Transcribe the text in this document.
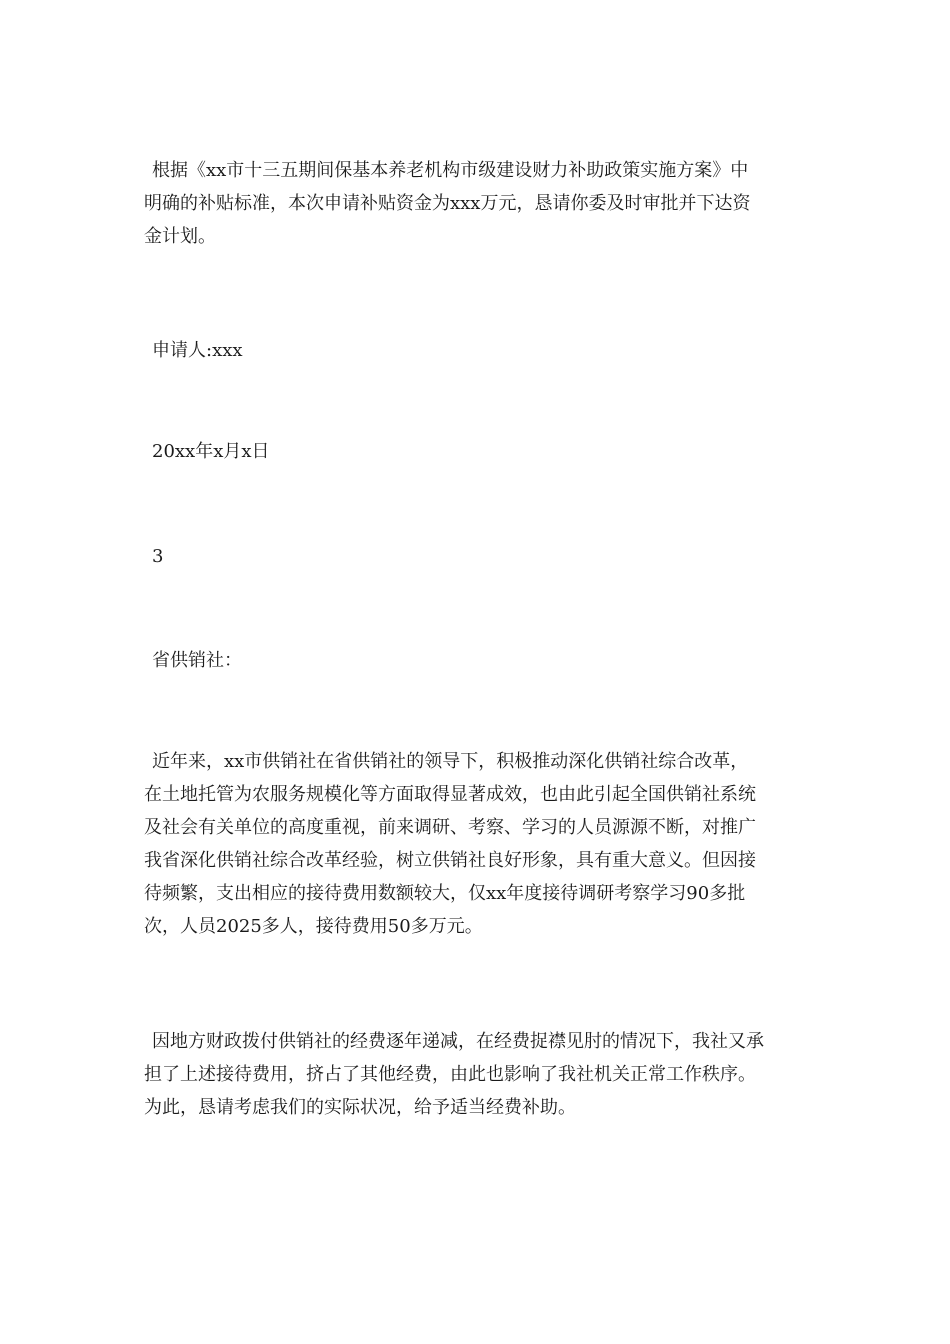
根据《xx市十三五期间保基本养老机构市级建设财力补助政策实施方案》中
明确的补贴标准，本次申请补贴资金为xxx万元，恳请你委及时审批并下达资
金计划。

申请人:xxx

20xx年x月x日

3

省供销社：

近年来，xx市供销社在省供销社的领导下，积极推动深化供销社综合改革，
在土地托管为农服务规模化等方面取得显著成效，也由此引起全国供销社系统
及社会有关单位的高度重视，前来调研、考察、学习的人员源源不断，对推广
我省深化供销社综合改革经验，树立供销社良好形象，具有重大意义。但因接
待频繁，支出相应的接待费用数额较大，仅xx年度接待调研考察学习90多批
次，人员2025多人，接待费用50多万元。

因地方财政拨付供销社的经费逐年递减，在经费捉襟见肘的情况下，我社又承
担了上述接待费用，挤占了其他经费，由此也影响了我社机关正常工作秩序。
为此，恳请考虑我们的实际状况，给予适当经费补助。
